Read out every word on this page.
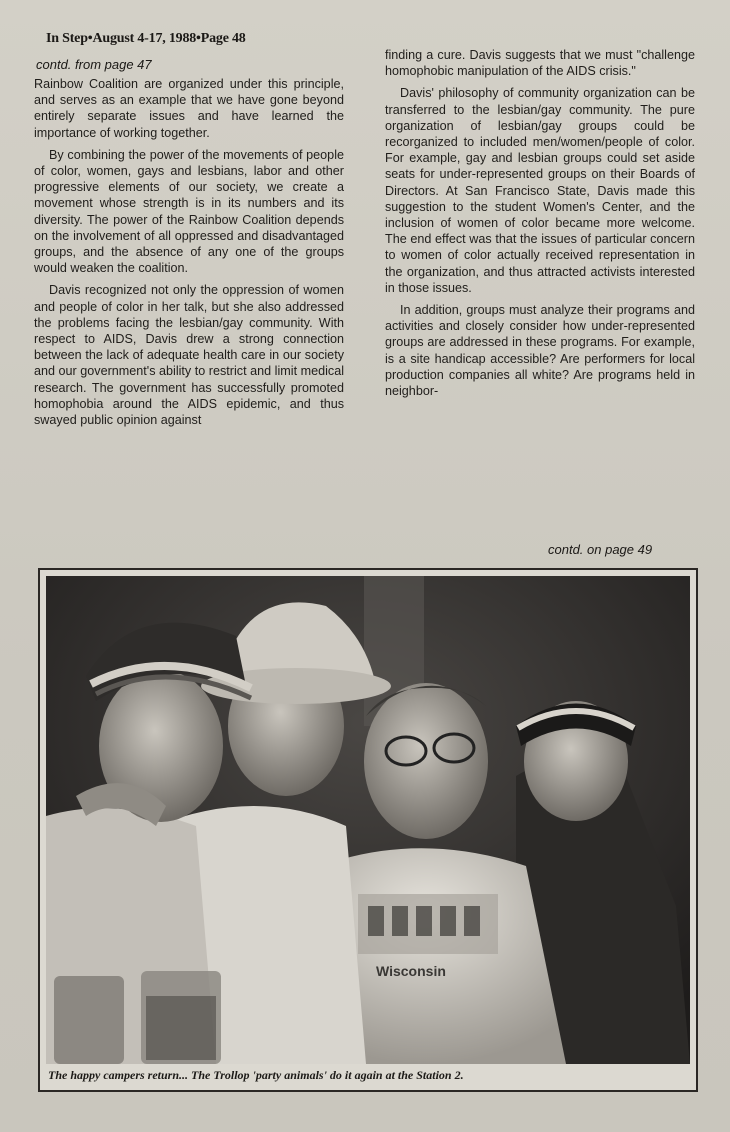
In Step•August 4-17, 1988•Page 48
contd. from page 47

Rainbow Coalition are organized under this principle, and serves as an example that we have gone beyond entirely separate issues and have learned the importance of working together.

By combining the power of the movements of people of color, women, gays and lesbians, labor and other progressive elements of our society, we create a movement whose strength is in its numbers and its diversity. The power of the Rainbow Coalition depends on the involvement of all oppressed and disadvantaged groups, and the absence of any one of the groups would weaken the coalition.

Davis recognized not only the oppression of women and people of color in her talk, but she also addressed the problems facing the lesbian/gay community. With respect to AIDS, Davis drew a strong connection between the lack of adequate health care in our society and our government's ability to restrict and limit medical research. The government has successfully promoted homophobia around the AIDS epidemic, and thus swayed public opinion against

finding a cure. Davis suggests that we must "challenge homophobic manipulation of the AIDS crisis."

Davis' philosophy of community organization can be transferred to the lesbian/gay community. The pure organization of lesbian/gay groups could be recorganized to included men/women/people of color. For example, gay and lesbian groups could set aside seats for under-represented groups on their Boards of Directors. At San Francisco State, Davis made this suggestion to the student Women's Center, and the inclusion of women of color became more welcome. The end effect was that the issues of particular concern to women of color actually received representation in the organization, and thus attracted activists interested in those issues.

In addition, groups must analyze their programs and activities and closely consider how under-represented groups are addressed in these programs. For example, is a site handicap accessible? Are performers for local production companies all white? Are programs held in neighbor-

contd. on page 49
Wisconsin
The happy campers return... The Trollop 'party animals' do it again at the Station 2.
